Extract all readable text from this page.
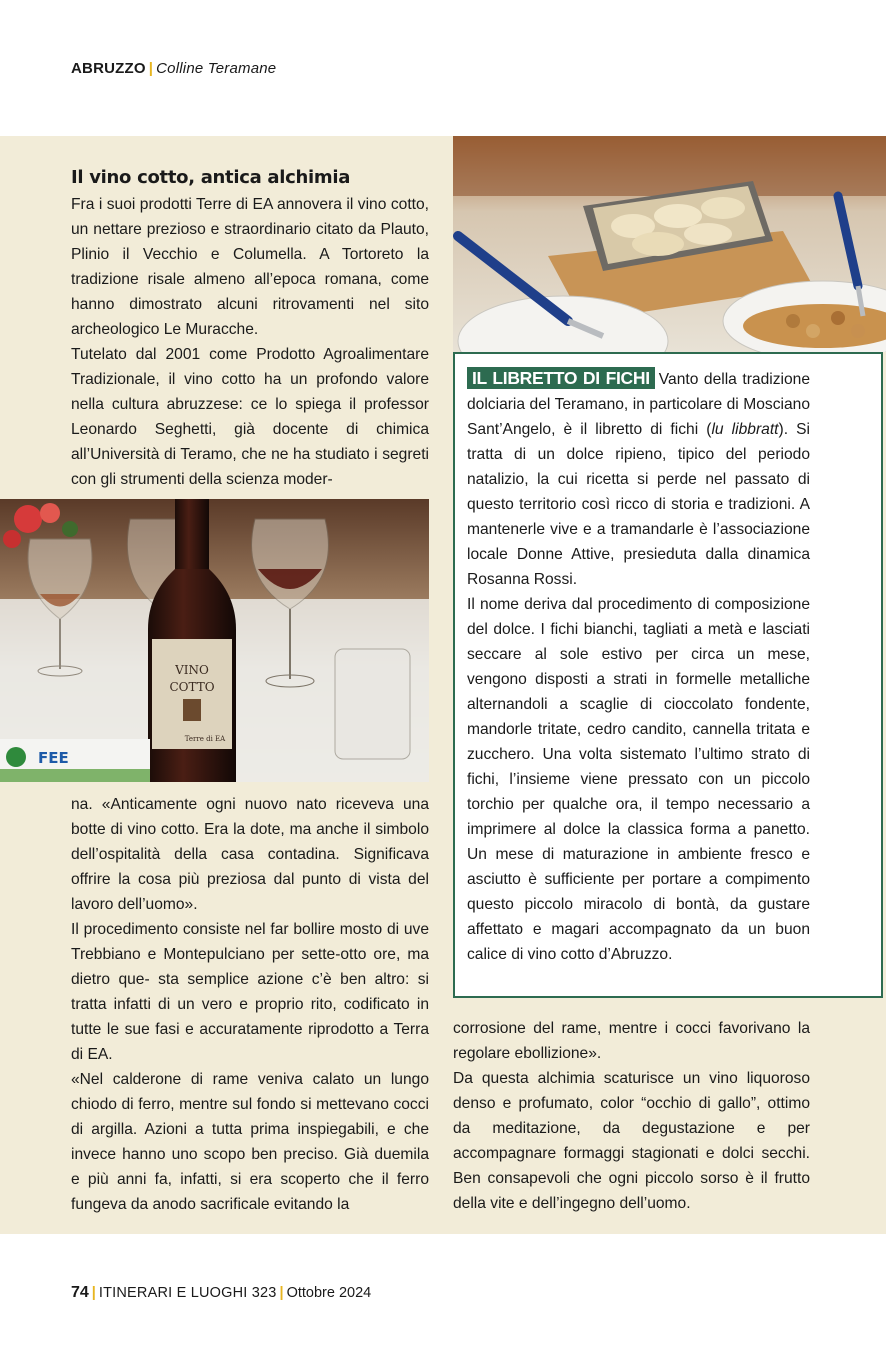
ABRUZZO | Colline Teramane
Il vino cotto, antica alchimia

Fra i suoi prodotti Terre di EA annovera il vino cotto, un nettare prezioso e straordinario citato da Plauto, Plinio il Vecchio e Columella. A Tortoreto la tradizione risale almeno all’epoca romana, come hanno dimostrato alcuni ritrovamenti nel sito archeologico Le Muracche.

Tutelato dal 2001 come Prodotto Agroalimentare Tradizionale, il vino cotto ha un profondo valore nella cultura abruzzese: ce lo spiega il professor Leonardo Seghetti, già docente di chimica all’Università di Teramo, che ne ha studiato i segreti con gli strumenti della scienza moder-

VINO
COTTO
Terre di EA
FEE

na. «Anticamente ogni nuovo nato riceveva una botte di vino cotto. Era la dote, ma anche il simbolo dell’ospitalità della casa contadina. Significava offrire la cosa più preziosa dal punto di vista del lavoro dell’uomo».

Il procedimento consiste nel far bollire mosto di uve Trebbiano e Montepulciano per sette-otto ore, ma dietro que- sta semplice azione c’è ben altro: si tratta infatti di un vero e proprio rito, codificato in tutte le sue fasi e accuratamente riprodotto a Terra di EA.

«Nel calderone di rame veniva calato un lungo chiodo di ferro, mentre sul fondo si mettevano cocci di argilla. Azioni a tutta prima inspiegabili, e che invece hanno uno scopo ben preciso. Già duemila e più anni fa, infatti, si era scoperto che il ferro fungeva da anodo sacrificale evitando la

IL LIBRETTO DI FICHI Vanto della tradizione dolciaria del Teramano, in particolare di Mosciano Sant’Angelo, è il libretto di fichi (lu libbratt). Si tratta di un dolce ripieno, tipico del periodo natalizio, la cui ricetta si perde nel passato di questo territorio così ricco di storia e tradizioni. A mantenerle vive e a tramandarle è l’associazione locale Donne Attive, presieduta dalla dinamica Rosanna Rossi.

Il nome deriva dal procedimento di composizione del dolce. I fichi bianchi, tagliati a metà e lasciati seccare al sole estivo per circa un mese, vengono disposti a strati in formelle metalliche alternandoli a scaglie di cioccolato fondente, mandorle tritate, cedro candito, cannella tritata e zucchero. Una volta sistemato l’ultimo strato di fichi, l’insieme viene pressato con un piccolo torchio per qualche ora, il tempo necessario a imprimere al dolce la classica forma a panetto. Un mese di maturazione in ambiente fresco e asciutto è sufficiente per portare a compimento questo piccolo miracolo di bontà, da gustare affettato e magari accompagnato da un buon calice di vino cotto d’Abruzzo.

corrosione del rame, mentre i cocci favorivano la regolare ebollizione».

Da questa alchimia scaturisce un vino liquoroso denso e profumato, color “occhio di gallo”, ottimo da meditazione, da degustazione e per accompagnare formaggi stagionati e dolci secchi. Ben consapevoli che ogni piccolo sorso è il frutto della vite e dell’ingegno dell’uomo.

74 | ITINERARI E LUOGHI 323 | Ottobre 2024
